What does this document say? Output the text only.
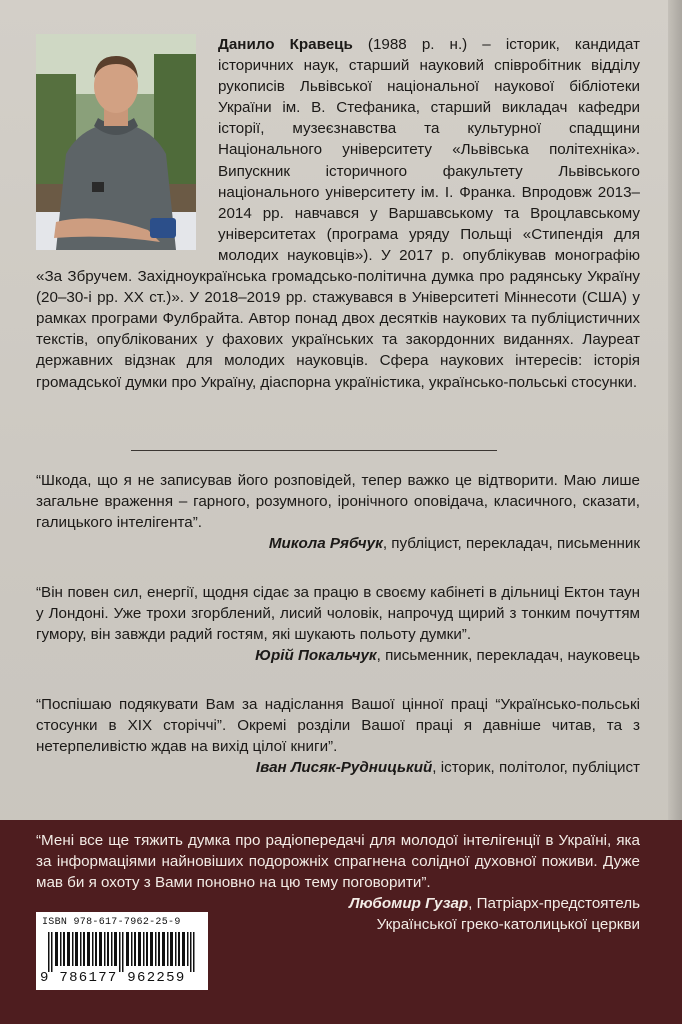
Данило Кравець (1988 р. н.) – історик, кандидат історичних наук, старший науковий співробітник відділу рукописів Львівської національної наукової бібліотеки України ім. В. Стефаника, старший викладач кафедри історії, музеєзнавства та культурної спадщини Національного університету «Львівська політехніка». Випускник історичного факультету Львівського національного університету ім. І. Франка. Впродовж 2013–2014 рр. навчався у Варшавському та Вроцлавському університетах (програма уряду Польщі «Стипендія для молодих науковців»). У 2017 р. опублікував монографію «За Збручем. Західноукраїнська громадсько-політична думка про радянську Україну (20–30-і рр. ХХ ст.)». У 2018–2019 рр. стажувався в Університеті Міннесоти (США) у рамках програми Фулбрайта. Автор понад двох десятків наукових та публіцистичних текстів, опублікованих у фахових українських та закордонних виданнях. Лауреат державних відзнак для молодих науковців. Сфера наукових інтересів: історія громадської думки про Україну, діаспорна україністика, українсько-польські стосунки.

“Шкода, що я не записував його розповідей, тепер важко це відтворити. Маю лише загальне враження – гарного, розумного, іронічного оповідача, класичного, сказати, галицького інтелігента”.

Микола Рябчук, публіцист, перекладач, письменник

“Він повен сил, енергії, щодня сідає за працю в своєму кабінеті в дільниці Ектон таун у Лондоні. Уже трохи згорблений, лисий чоловік, напрочуд щирий з тонким почуттям гумору, він завжди радий гостям, які шукають польоту думки”.

Юрій Покальчук, письменник, перекладач, науковець

“Поспішаю подякувати Вам за надіслання Вашої цінної праці “Українсько-польські стосунки в ХІХ сторіччі”. Окремі розділи Вашої праці я давніше читав, та з нетерпеливістю ждав на вихід цілої книги”.

Іван Лисяк-Рудницький, історик, політолог, публіцист

“Мені все ще тяжить думка про радіопередачі для молодої інтелігенції в Україні, яка за інформаціями найновіших подорожніх спрагнена солідної духовної поживи. Дуже мав би я охоту з Вами поновно на цю тему поговорити”.

Любомир Гузар, Патріарх-предстоятель

Української греко-католицької церкви

ISBN 978-617-7962-25-9
9 786177 962259
